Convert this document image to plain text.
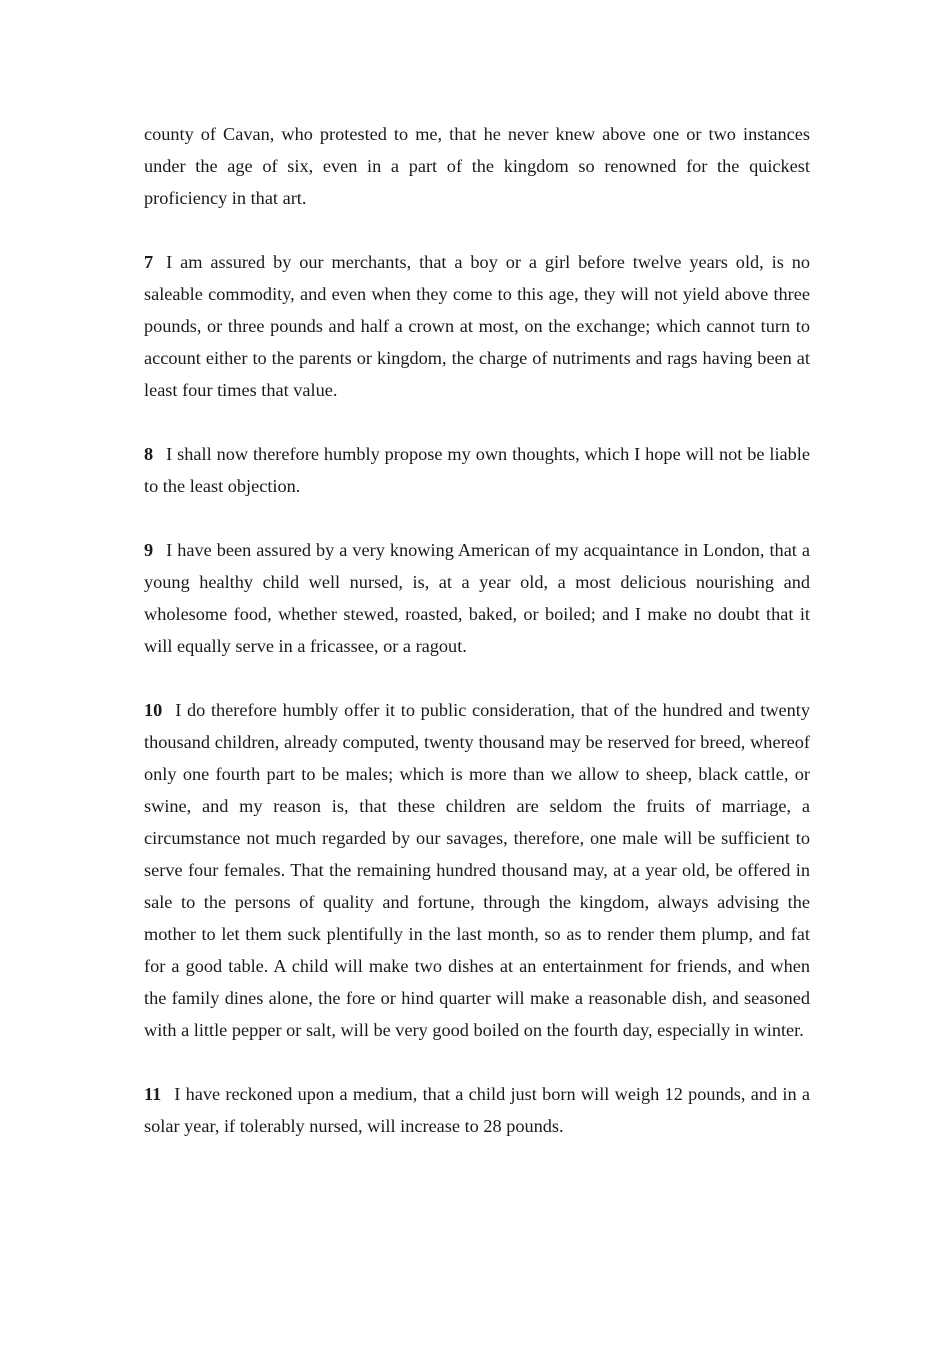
county of Cavan, who protested to me, that he never knew above one or two instances under the age of six, even in a part of the kingdom so renowned for the quickest proficiency in that art.

7 I am assured by our merchants, that a boy or a girl before twelve years old, is no saleable commodity, and even when they come to this age, they will not yield above three pounds, or three pounds and half a crown at most, on the exchange; which cannot turn to account either to the parents or kingdom, the charge of nutriments and rags having been at least four times that value.

8 I shall now therefore humbly propose my own thoughts, which I hope will not be liable to the least objection.

9 I have been assured by a very knowing American of my acquaintance in London, that a young healthy child well nursed, is, at a year old, a most delicious nourishing and wholesome food, whether stewed, roasted, baked, or boiled; and I make no doubt that it will equally serve in a fricassee, or a ragout.

10 I do therefore humbly offer it to public consideration, that of the hundred and twenty thousand children, already computed, twenty thousand may be reserved for breed, whereof only one fourth part to be males; which is more than we allow to sheep, black cattle, or swine, and my reason is, that these children are seldom the fruits of marriage, a circumstance not much regarded by our savages, therefore, one male will be sufficient to serve four females. That the remaining hundred thousand may, at a year old, be offered in sale to the persons of quality and fortune, through the kingdom, always advising the mother to let them suck plentifully in the last month, so as to render them plump, and fat for a good table. A child will make two dishes at an entertainment for friends, and when the family dines alone, the fore or hind quarter will make a reasonable dish, and seasoned with a little pepper or salt, will be very good boiled on the fourth day, especially in winter.

11 I have reckoned upon a medium, that a child just born will weigh 12 pounds, and in a solar year, if tolerably nursed, will increase to 28 pounds.
